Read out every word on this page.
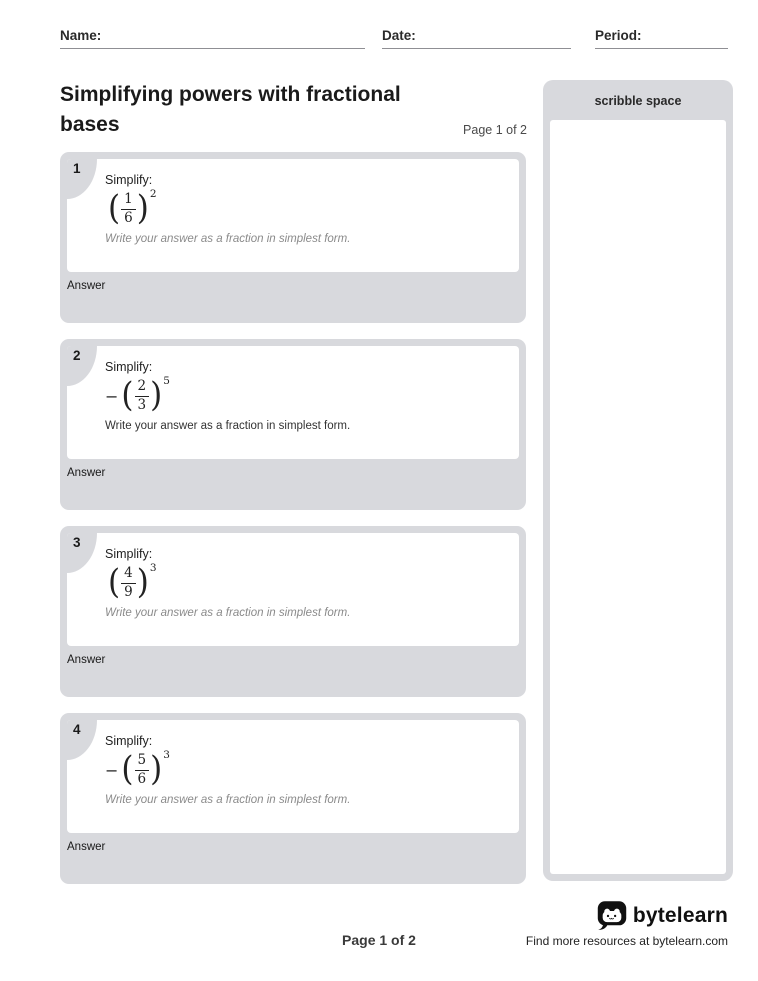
Name:	Date:	Period:
Simplifying powers with fractional
bases	Page 1 of 2
1
Simplify:
( $\frac{1}{6}$ ) 2
Write your answer as a fraction in simplest form.
Answer
2
Simplify:
− ( $\frac{2}{3}$ ) 5
Write your answer as a fraction in simplest form.
Answer
3
Simplify:
( $\frac{4}{9}$ ) 3
Write your answer as a fraction in simplest form.
Answer
4
Simplify:
− ( $\frac{5}{6}$ ) 3
Write your answer as a fraction in simplest form.
Answer
scribble space
Page 1 of 2
bytelearn
Find more resources at bytelearn.com
